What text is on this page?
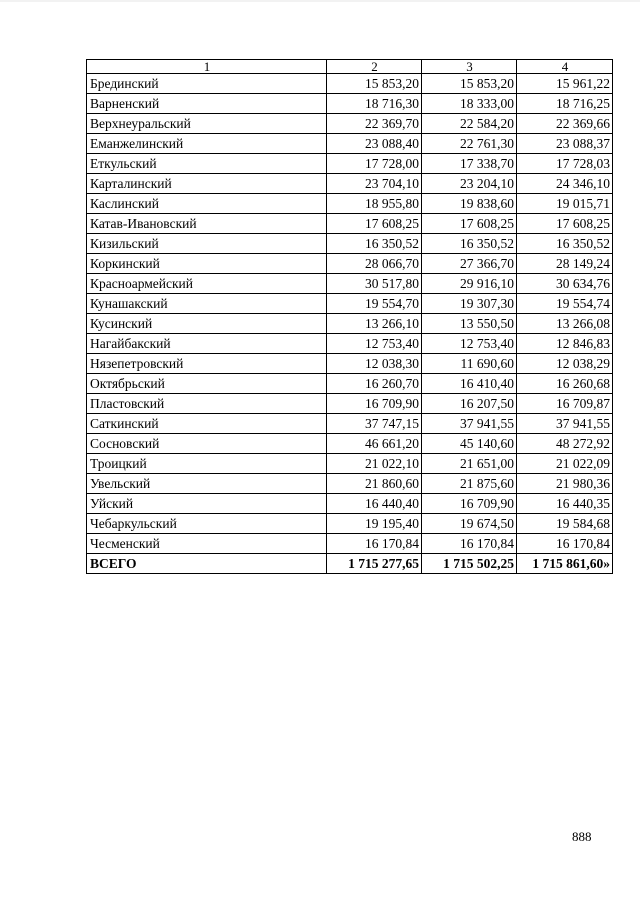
1	2	3	4
Брединский	15 853,20	15 853,20	15 961,22
Варненский	18 716,30	18 333,00	18 716,25
Верхнеуральский	22 369,70	22 584,20	22 369,66
Еманжелинский	23 088,40	22 761,30	23 088,37
Еткульский	17 728,00	17 338,70	17 728,03
Карталинский	23 704,10	23 204,10	24 346,10
Каслинский	18 955,80	19 838,60	19 015,71
Катав-Ивановский	17 608,25	17 608,25	17 608,25
Кизильский	16 350,52	16 350,52	16 350,52
Коркинский	28 066,70	27 366,70	28 149,24
Красноармейский	30 517,80	29 916,10	30 634,76
Кунашакский	19 554,70	19 307,30	19 554,74
Кусинский	13 266,10	13 550,50	13 266,08
Нагайбакский	12 753,40	12 753,40	12 846,83
Нязепетровский	12 038,30	11 690,60	12 038,29
Октябрьский	16 260,70	16 410,40	16 260,68
Пластовский	16 709,90	16 207,50	16 709,87
Саткинский	37 747,15	37 941,55	37 941,55
Сосновский	46 661,20	45 140,60	48 272,92
Троицкий	21 022,10	21 651,00	21 022,09
Увельский	21 860,60	21 875,60	21 980,36
Уйский	16 440,40	16 709,90	16 440,35
Чебаркульский	19 195,40	19 674,50	19 584,68
Чесменский	16 170,84	16 170,84	16 170,84
ВСЕГО	1 715 277,65	1 715 502,25	1 715 861,60»
888
